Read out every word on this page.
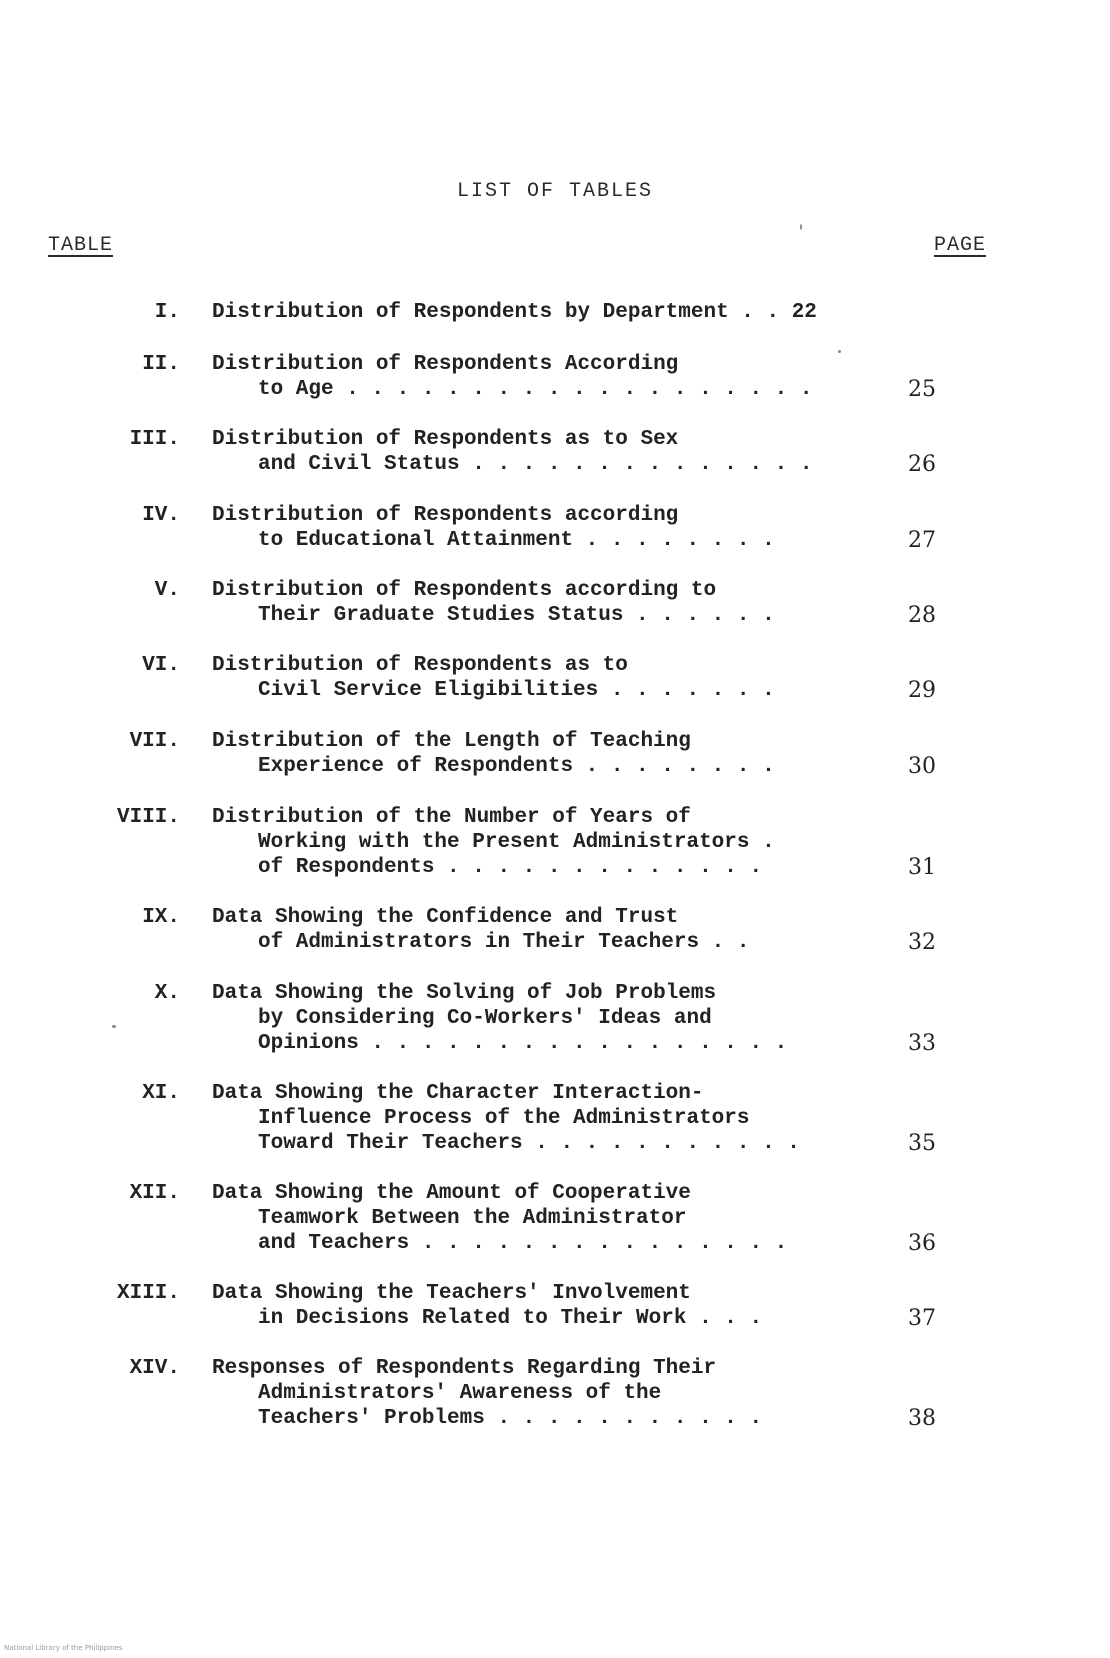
LIST OF TABLES
TABLE	PAGE
I. Distribution of Respondents by Department . . 22
II. Distribution of Respondents According
to Age . . . . . . . . . . . . . . . . . . .	25
III. Distribution of Respondents as to Sex
and Civil Status . . . . . . . . . . . . . .	26
IV. Distribution of Respondents according
to Educational Attainment . . . . . . . .	27
V. Distribution of Respondents according to
Their Graduate Studies Status . . . . . .	28
VI. Distribution of Respondents as to
Civil Service Eligibilities . . . . . . .	29
VII. Distribution of the Length of Teaching
Experience of Respondents . . . . . . . .	30
VIII. Distribution of the Number of Years of
Working with the Present Administrators .
of Respondents . . . . . . . . . . . . .	31
IX. Data Showing the Confidence and Trust
of Administrators in Their Teachers . .	32
X. Data Showing the Solving of Job Problems
by Considering Co-Workers' Ideas and
Opinions . . . . . . . . . . . . . . . . .	33
XI. Data Showing the Character Interaction-
Influence Process of the Administrators
Toward Their Teachers . . . . . . . . . . .	35
XII. Data Showing the Amount of Cooperative
Teamwork Between the Administrator
and Teachers . . . . . . . . . . . . . . .	36
XIII. Data Showing the Teachers' Involvement
in Decisions Related to Their Work . . .	37
XIV. Responses of Respondents Regarding Their
Administrators' Awareness of the
Teachers' Problems . . . . . . . . . . .	38
National Library of the Philippines
